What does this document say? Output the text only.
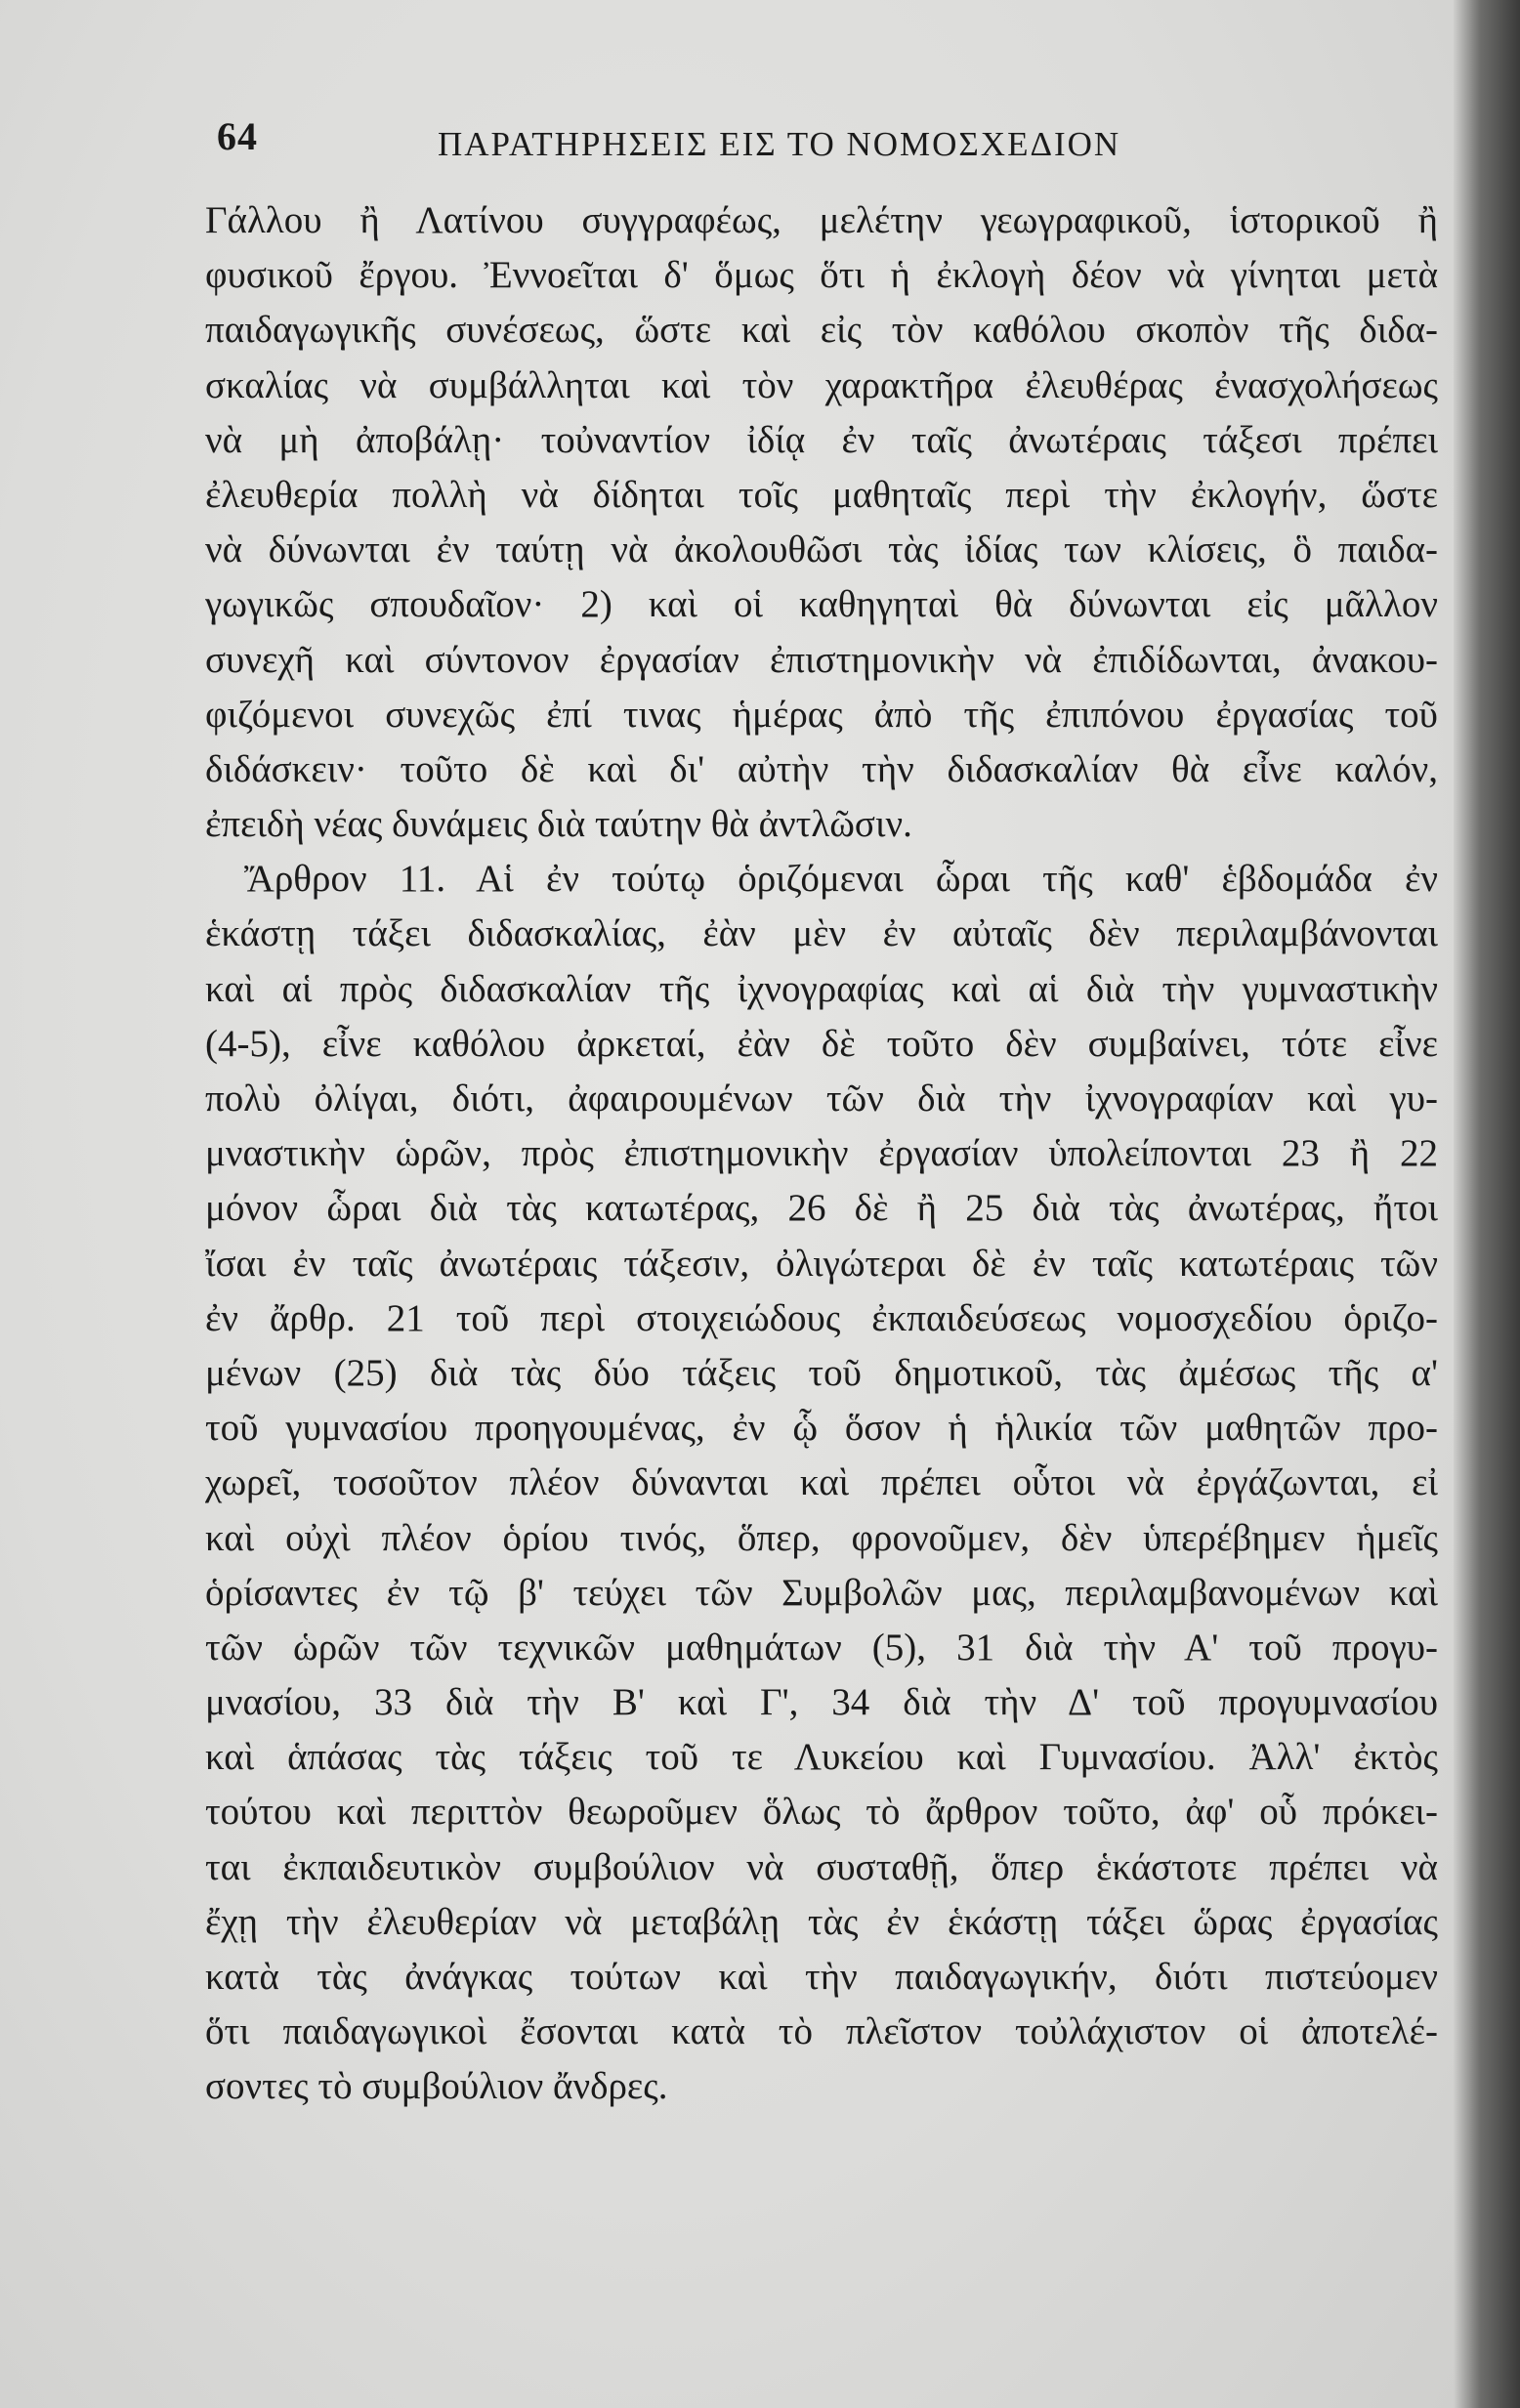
64	ΠΑΡΑΤΗΡΗΣΕΙΣ ΕΙΣ ΤΟ ΝΟΜΟΣΧΕΔΙΟΝ
Γάλλου ἢ Λατίνου συγγραφέως, μελέτην γεωγραφικοῦ, ἱστορικοῦ ἢ
φυσικοῦ ἔργου. Ἐννοεῖται δ' ὅμως ὅτι ἡ ἐκλογὴ δέον νὰ γίνηται μετὰ
παιδαγωγικῆς συνέσεως, ὥστε καὶ εἰς τὸν καθόλου σκοπὸν τῆς διδα-
σκαλίας νὰ συμβάλληται καὶ τὸν χαρακτῆρα ἐλευθέρας ἐνασχολήσεως
νὰ μὴ ἀποβάλῃ· τοὐναντίον ἰδίᾳ ἐν ταῖς ἀνωτέραις τάξεσι πρέπει
ἐλευθερία πολλὴ νὰ δίδηται τοῖς μαθηταῖς περὶ τὴν ἐκλογήν, ὥστε
νὰ δύνωνται ἐν ταύτῃ νὰ ἀκολουθῶσι τὰς ἰδίας των κλίσεις, ὃ παιδα-
γωγικῶς σπουδαῖον· 2) καὶ οἱ καθηγηταὶ θὰ δύνωνται εἰς μᾶλλον
συνεχῆ καὶ σύντονον ἐργασίαν ἐπιστημονικὴν νὰ ἐπιδίδωνται, ἀνακου-
φιζόμενοι συνεχῶς ἐπί τινας ἡμέρας ἀπὸ τῆς ἐπιπόνου ἐργασίας τοῦ
διδάσκειν· τοῦτο δὲ καὶ δι' αὐτὴν τὴν διδασκαλίαν θὰ εἶνε καλόν,
ἐπειδὴ νέας δυνάμεις διὰ ταύτην θὰ ἀντλῶσιν.
Ἄρθρον 11. Αἱ ἐν τούτῳ ὁριζόμεναι ὧραι τῆς καθ' ἑβδομάδα ἐν
ἑκάστῃ τάξει διδασκαλίας, ἐὰν μὲν ἐν αὐταῖς δὲν περιλαμβάνονται
καὶ αἱ πρὸς διδασκαλίαν τῆς ἰχνογραφίας καὶ αἱ διὰ τὴν γυμναστικὴν
(4-5), εἶνε καθόλου ἀρκεταί, ἐὰν δὲ τοῦτο δὲν συμβαίνει, τότε εἶνε
πολὺ ὀλίγαι, διότι, ἀφαιρουμένων τῶν διὰ τὴν ἰχνογραφίαν καὶ γυ-
μναστικὴν ὡρῶν, πρὸς ἐπιστημονικὴν ἐργασίαν ὑπολείπονται 23 ἢ 22
μόνον ὧραι διὰ τὰς κατωτέρας, 26 δὲ ἢ 25 διὰ τὰς ἀνωτέρας, ἤτοι
ἴσαι ἐν ταῖς ἀνωτέραις τάξεσιν, ὀλιγώτεραι δὲ ἐν ταῖς κατωτέραις τῶν
ἐν ἄρθρ. 21 τοῦ περὶ στοιχειώδους ἐκπαιδεύσεως νομοσχεδίου ὁριζο-
μένων (25) διὰ τὰς δύο τάξεις τοῦ δημοτικοῦ, τὰς ἀμέσως τῆς α'
τοῦ γυμνασίου προηγουμένας, ἐν ᾧ ὅσον ἡ ἡλικία τῶν μαθητῶν προ-
χωρεῖ, τοσοῦτον πλέον δύνανται καὶ πρέπει οὗτοι νὰ ἐργάζωνται, εἰ
καὶ οὐχὶ πλέον ὁρίου τινός, ὅπερ, φρονοῦμεν, δὲν ὑπερέβημεν ἡμεῖς
ὁρίσαντες ἐν τῷ β' τεύχει τῶν Συμβολῶν μας, περιλαμβανομένων καὶ
τῶν ὡρῶν τῶν τεχνικῶν μαθημάτων (5), 31 διὰ τὴν Α' τοῦ προγυ-
μνασίου, 33 διὰ τὴν Β' καὶ Γ', 34 διὰ τὴν Δ' τοῦ προγυμνασίου
καὶ ἁπάσας τὰς τάξεις τοῦ τε Λυκείου καὶ Γυμνασίου. Ἀλλ' ἐκτὸς
τούτου καὶ περιττὸν θεωροῦμεν ὅλως τὸ ἄρθρον τοῦτο, ἀφ' οὗ πρόκει-
ται ἐκπαιδευτικὸν συμβούλιον νὰ συσταθῇ, ὅπερ ἑκάστοτε πρέπει νὰ
ἔχῃ τὴν ἐλευθερίαν νὰ μεταβάλῃ τὰς ἐν ἑκάστῃ τάξει ὥρας ἐργασίας
κατὰ τὰς ἀνάγκας τούτων καὶ τὴν παιδαγωγικήν, διότι πιστεύομεν
ὅτι παιδαγωγικοὶ ἔσονται κατὰ τὸ πλεῖστον τοὐλάχιστον οἱ ἀποτελέ-
σοντες τὸ συμβούλιον ἄνδρες.
